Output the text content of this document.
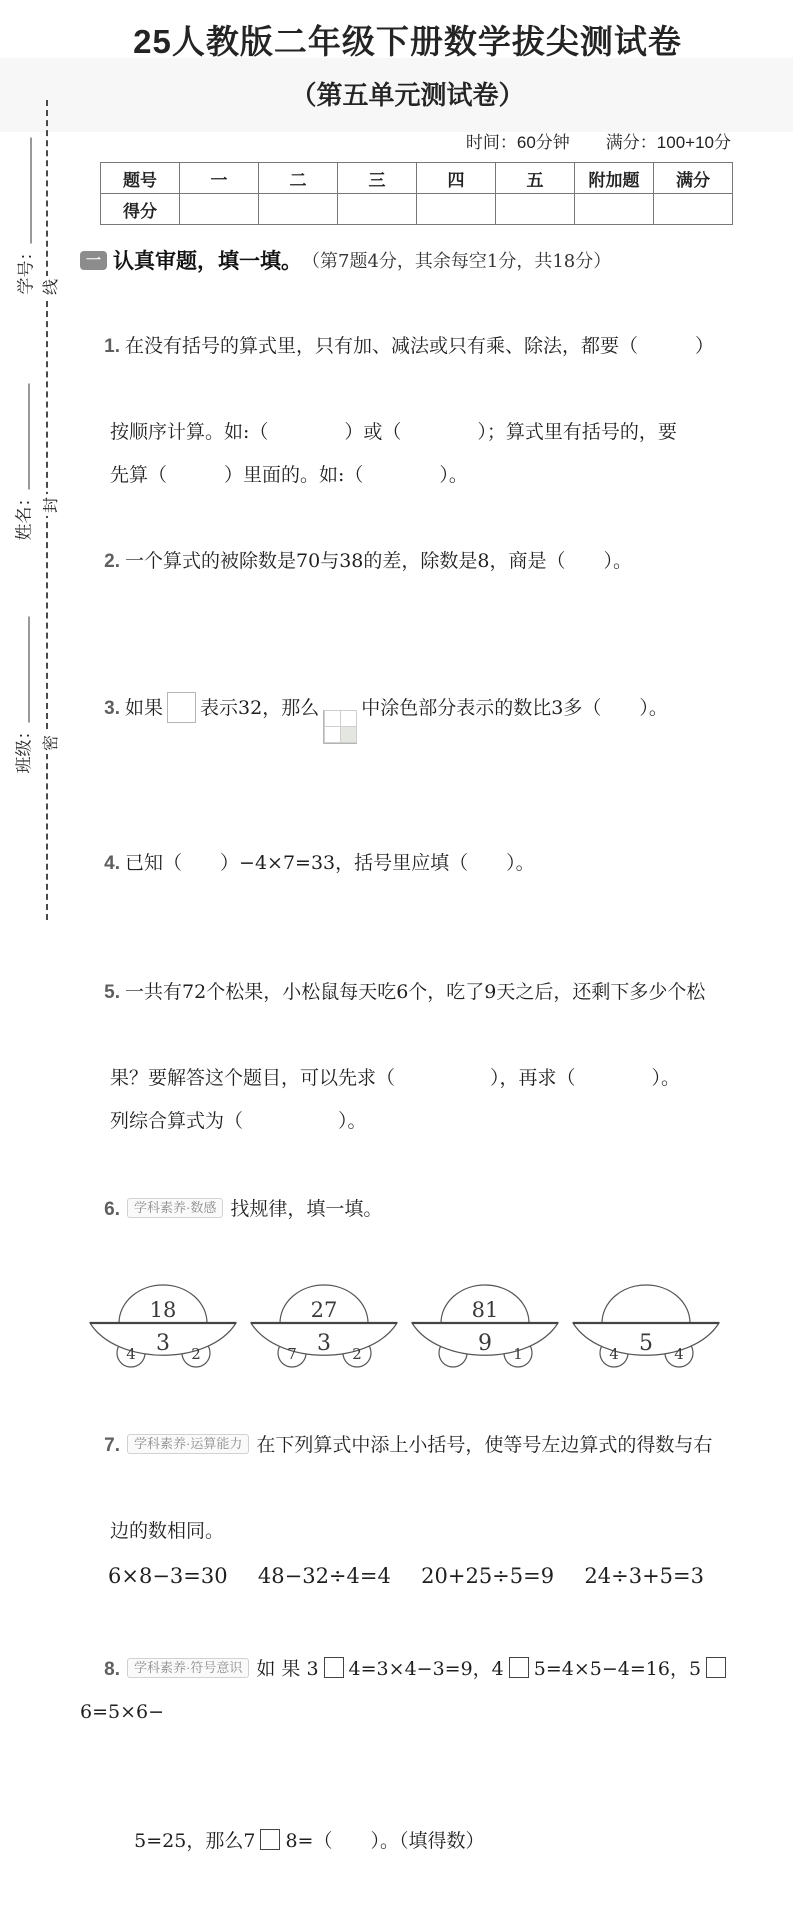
线
封
密
学号：
姓名：
班级：
25人教版二年级下册数学拔尖测试卷
（第五单元测试卷）
时间：60分钟 满分：100+10分
题号	一	二	三	四	五	附加题	满分
得分							
一 认真审题，填一填。 （第7题4分，其余每空1分，共18分）

1. 在没有括号的算式里，只有加、减法或只有乘、除法，都要（　　　）

按顺序计算。如:（　　　　）或（　　　　）；算式里有括号的，要
先算（　　　）里面的。如:（　　　　）。

2. 一个算式的被除数是70与38的差，除数是8，商是（　　）。

3. 如果 表示32，那么 中涂色部分表示的数比3多（　　）。

4. 已知（　　）−4×7=33，括号里应填（　　）。

5. 一共有72个松果，小松鼠每天吃6个，吃了9天之后，还剩下多少个松

果？要解答这个题目，可以先求（　　　　　），再求（　　　　）。
列综合算式为（　　　　　）。

6. 学科素养·数感 找规律，填一填。

18
3
4	2
27
3
7	2
81
9 1	5
4	4

7. 学科素养·运算能力 在下列算式中添上小括号，使等号左边算式的得数与右

边的数相同。
6×8−3=30 48−32÷4=4 20+25÷5=9 24÷3+5=3

8. 学科素养·符号意识 如 果 3 4=3×4−3=9，4 5=4×5−4=16，56=5×6−

5=25，那么7 8=（　　）。（填得数）
